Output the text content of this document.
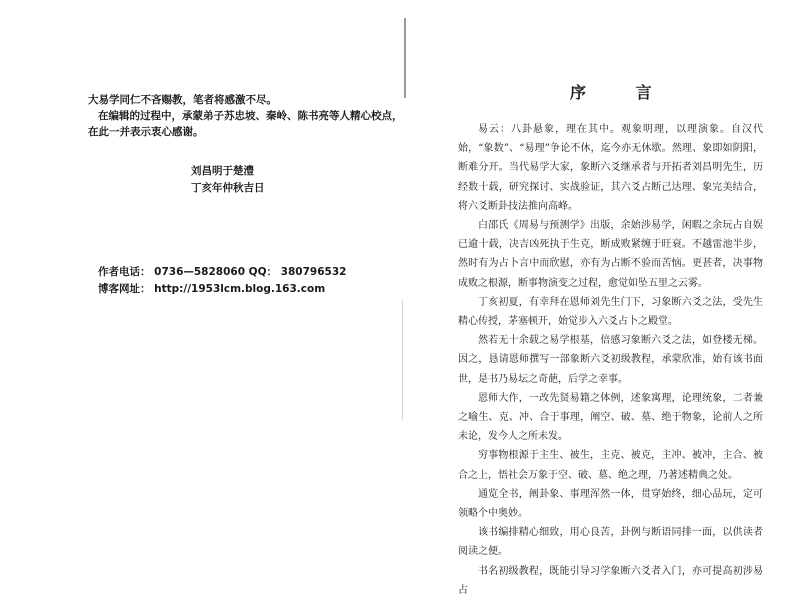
大易学同仁不吝赐教，笔者将感激不尽。
在编辑的过程中，承蒙弟子苏忠坡、秦岭、陈书亮等人精心校点，
在此一并表示衷心感谢。
刘昌明于楚澧
丁亥年仲秋吉日
作者电话： 0736—5828060 QQ： 380796532
博客网址： http://1953lcm.blog.163.com
序 言

易云：八卦悬象，理在其中。观象明理，以理演象。自汉代始，“象数”、“易理”争论不休，迄今亦无休歇。然理、象即如阴阳，断难分开。当代易学大家，象断六爻继承者与开拓者刘昌明先生，历经数十载，研究探讨、实战验证，其六爻占断己达理、象完美结合，将六爻断卦技法推向高峰。

白邵氏《周易与预测学》出版，余始涉易学，闲暇之余玩占自娱已逾十载，决吉凶死执于生克，断成败紧缠于旺衰。不越雷池半步，然时有为占卜言中而欣慰，亦有为占断不验而苦恼。更甚者，决事物成败之根源，断事物演变之过程，愈觉如坠五里之云雾。

丁亥初夏，有幸拜在恩师刘先生门下，习象断六爻之法，受先生精心传授，茅塞顿开，始觉步入六爻占卜之殿堂。

然若无十余载之易学根基，倍感习象断六爻之法，如登楼无梯。因之，恳请恩师撰写一部象断六爻初级教程，承蒙欣准，始有该书面世，是书乃易坛之奇葩，后学之幸事。

恩师大作，一改先贤易籍之体例，述象寓理，论理统象，二者兼之喻生、克、冲、合于事理，阐空、破、墓、绝于物象，论前人之所未论，发今人之所未发。

穷事物根源于主生、被生，主克、被克，主冲、被冲，主合、被合之上，悟社会万象于空、破、墓、绝之理，乃著述精典之处。

通览全书，阐卦象、事理浑然一体，贯穿始终，细心品玩，定可领略个中奥妙。

该书编排精心细致，用心良苦，卦例与断语同排一面，以供读者阅读之便。

书名初级教程，既能引导习学象断六爻者入门，亦可提高初涉易占
